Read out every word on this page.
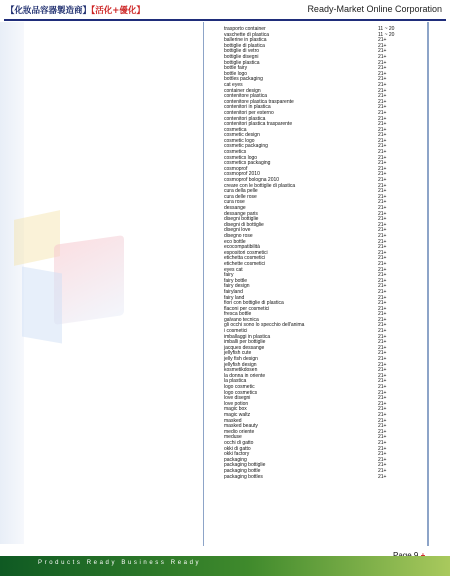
【化妝品容器製造商】【活化+優化】	Ready-Market Online Corporation
trasporto container	11 ~ 20
vaschette di plastica	11 ~ 20
ballerine in plastica	21+
bottiglie di plastica	21+
bottiglie di vetro	21+
bottiglie disegni	21+
bottiglie plastica	21+
bottle fairy	21+
bottle logo	21+
bottles packaging	21+
cat eyes	21+
container design	21+
contenitore plastica	21+
contenitore plastica trasparente	21+
contenitori in plastica	21+
contenitori per esterno	21+
contenitori plastica	21+
contenitori plastica trasparente	21+
cosmetica	21+
cosmetic design	21+
cosmetic logo	21+
cosmetic packaging	21+
cosmetics	21+
cosmetics logo	21+
cosmetics packaging	21+
cosmoprof	21+
cosmoprof 2010	21+
cosmoprof bologna 2010	21+
creare con le bottiglie di plastica	21+
cura della pelle	21+
cura delle rose	21+
cura rose	21+
dessange	21+
dessange paris	21+
disegni bottiglie	21+
disegni di bottiglie	21+
disegni love	21+
disegno rose	21+
eco bottle	21+
ecocompatibilità	21+
espositori cosmetici	21+
etichetta cosmetici	21+
etichette cosmetici	21+
eyes cat	21+
fairy	21+
fairy bottle	21+
fairy design	21+
fairyland	21+
fairy land	21+
fiori con bottiglie di plastica	21+
flaconi per cosmetici	21+
fresca bottle	21+
galvano tecnica	21+
gli occhi sono lo specchio dell'anima	21+
i cosmetici	21+
imballaggi in plastica	21+
imballi per bottiglie	21+
jacques dessange	21+
jellyfish cute	21+
jelly fish design	21+
jellyfish design	21+
kosmetikdosen	21+
la donna in oriente	21+
la plastica	21+
logo cosmetic	21+
logo cosmetics	21+
love disegni	21+
love potion	21+
magic box	21+
magic waltz	21+
masked	21+
masked beauty	21+
medio oriente	21+
meduse	21+
occhi di gatto	21+
okki di gatto	21+
okki factory	21+
packaging	21+
packaging bottiglie	21+
packaging bottle	21+
packaging bottles	21+
Products Ready Business Ready
